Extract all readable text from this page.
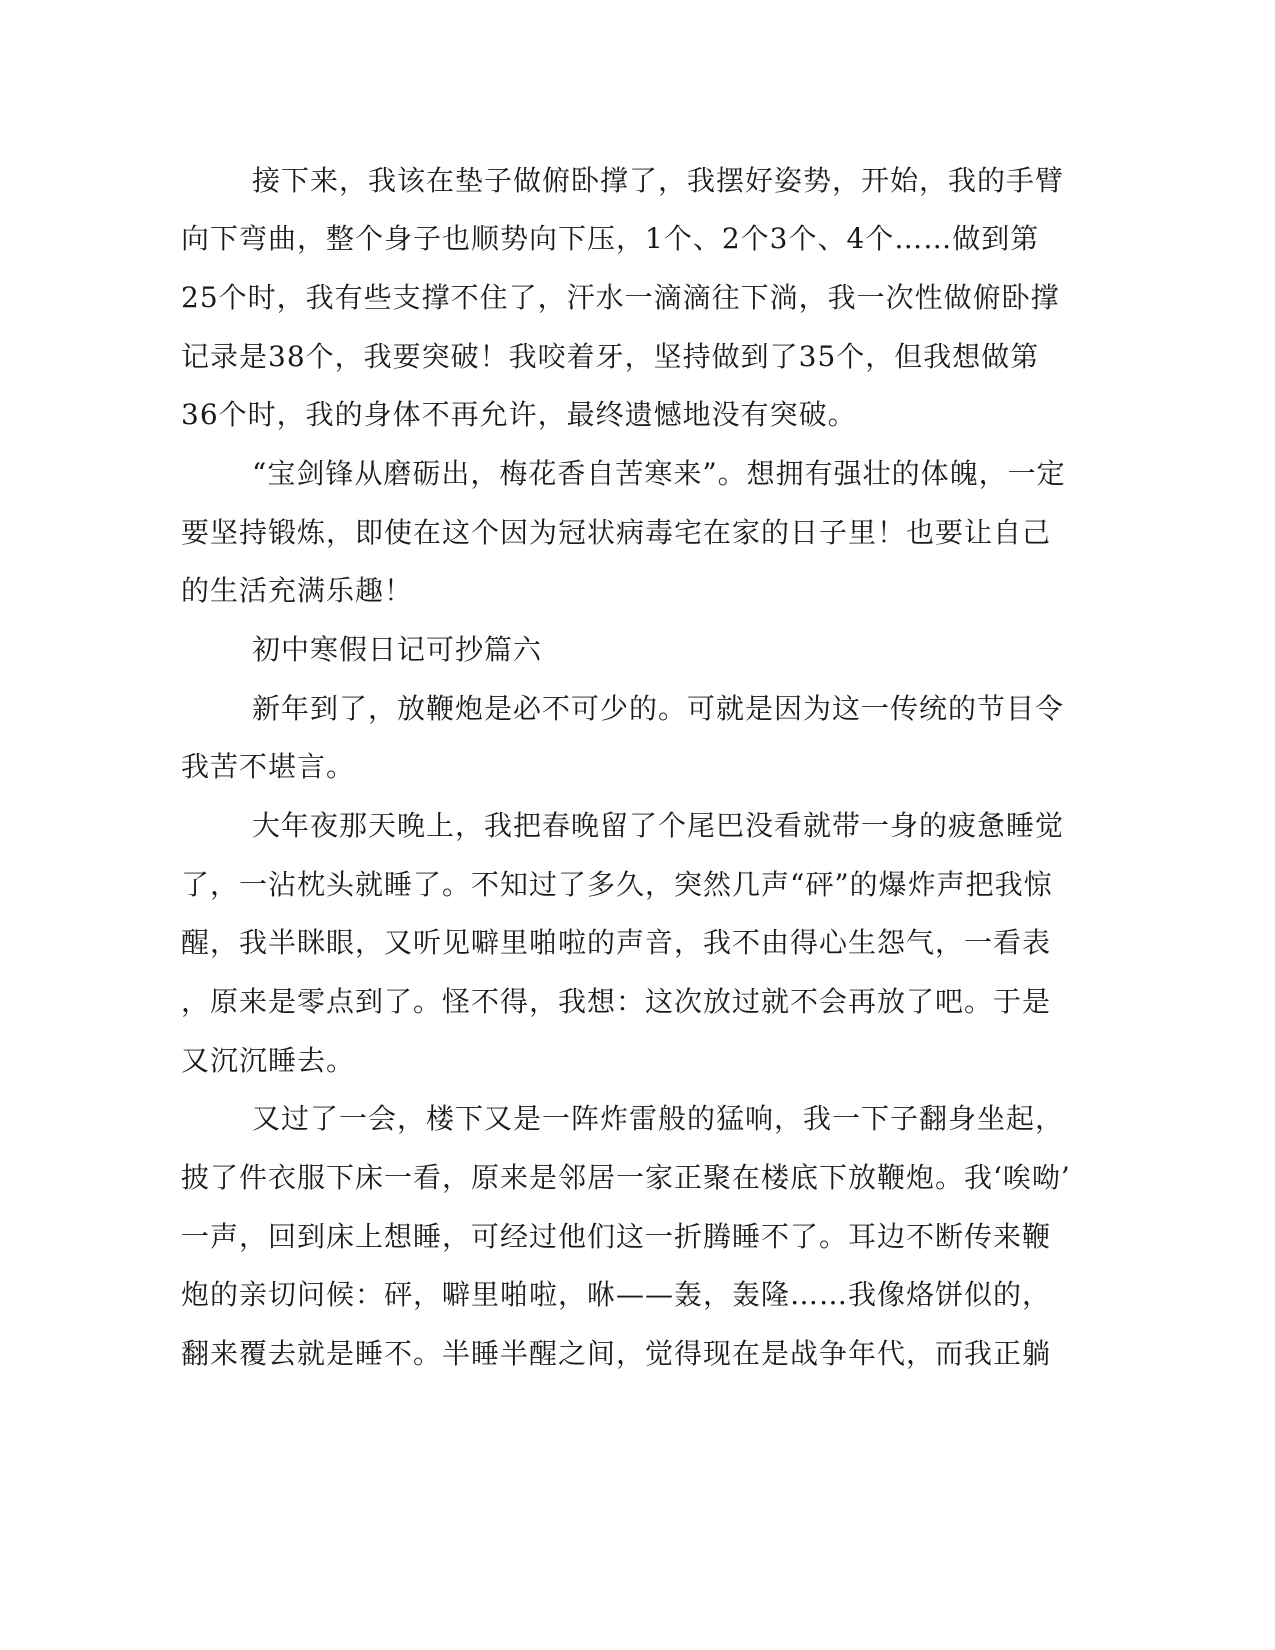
接下来，我该在垫子做俯卧撑了，我摆好姿势，开始，我的手臂
向下弯曲，整个身子也顺势向下压，1个、2个3个、4个……做到第
25个时，我有些支撑不住了，汗水一滴滴往下淌，我一次性做俯卧撑
记录是38个，我要突破！我咬着牙，坚持做到了35个，但我想做第
36个时，我的身体不再允许，最终遗憾地没有突破。
“宝剑锋从磨砺出，梅花香自苦寒来”。想拥有强壮的体魄，一定
要坚持锻炼，即使在这个因为冠状病毒宅在家的日子里！也要让自己
的生活充满乐趣！
初中寒假日记可抄篇六
新年到了，放鞭炮是必不可少的。可就是因为这一传统的节目令
我苦不堪言。
大年夜那天晚上，我把春晚留了个尾巴没看就带一身的疲惫睡觉
了，一沾枕头就睡了。不知过了多久，突然几声“砰”的爆炸声把我惊
醒，我半眯眼，又听见噼里啪啦的声音，我不由得心生怨气，一看表
，原来是零点到了。怪不得，我想：这次放过就不会再放了吧。于是
又沉沉睡去。
又过了一会，楼下又是一阵炸雷般的猛响，我一下子翻身坐起，
披了件衣服下床一看，原来是邻居一家正聚在楼底下放鞭炮。我‘唉呦’
一声，回到床上想睡，可经过他们这一折腾睡不了。耳边不断传来鞭
炮的亲切问候：砰，噼里啪啦，咻——轰，轰隆……我像烙饼似的，
翻来覆去就是睡不。半睡半醒之间，觉得现在是战争年代，而我正躺
